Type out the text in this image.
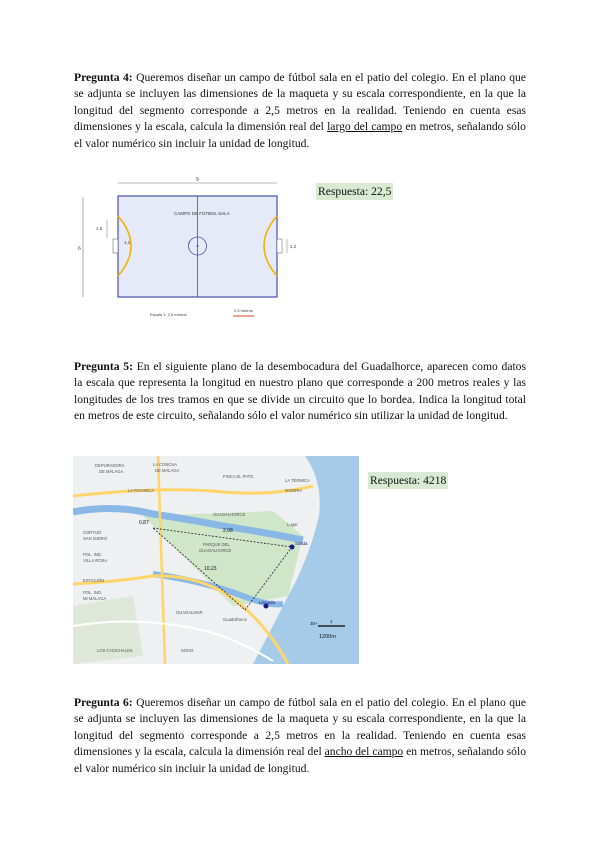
Pregunta 4: Queremos diseñar un campo de fútbol sala en el patio del colegio. En el plano que se adjunta se incluyen las dimensiones de la maqueta y su escala correspondiente, en la que la longitud del segmento corresponde a 2,5 metros en la realidad. Teniendo en cuenta esas dimensiones y la escala, calcula la dimensión real del largo del campo en metros, señalando sólo el valor numérico sin incluir la unidad de longitud.
9
6
1
CAMPO DE FÚTBOL SALA
1,5
1,2
1,2
Escala 1: 2,5 metros
2,5 metros
Respuesta: 22,5
Pregunta 5: En el siguiente plano de la desembocadura del Guadalhorce, aparecen como datos la escala que representa la longitud en nuestro plano que corresponde a 200 metros reales y las longitudes de los tres tramos en que se divide un circuito que lo bordea. Indica la longitud total en metros de este circuito, señalando sólo el valor numérico sin utilizar la unidad de longitud.
0,87
2,08
10,23
Salida
Llegada
DEPURADORA
DE MÁLAGA
LA CONCHA
DE MÁLAGA
FINCA EL PATO
LA TÉRMICA
LA PACHECA	MISERIA
GUADALHORCE
CORTIJO
SAN ISIDRO
PARQUE DEL
GUADALHORCE
POL. IND.
VILLA ROSA
POL. IND.
MI MÁLAGA
GUADALMAR
LOS CHOCHALES
Guadalhorce
Lugar
ESTACIÓN
SOHO
30+	1
1200m
Respuesta: 4218
Pregunta 6: Queremos diseñar un campo de fútbol sala en el patio del colegio. En el plano que se adjunta se incluyen las dimensiones de la maqueta y su escala correspondiente, en la que la longitud del segmento corresponde a 2,5 metros en la realidad. Teniendo en cuenta esas dimensiones y la escala, calcula la dimensión real del ancho del campo en metros, señalando sólo el valor numérico sin incluir la unidad de longitud.
